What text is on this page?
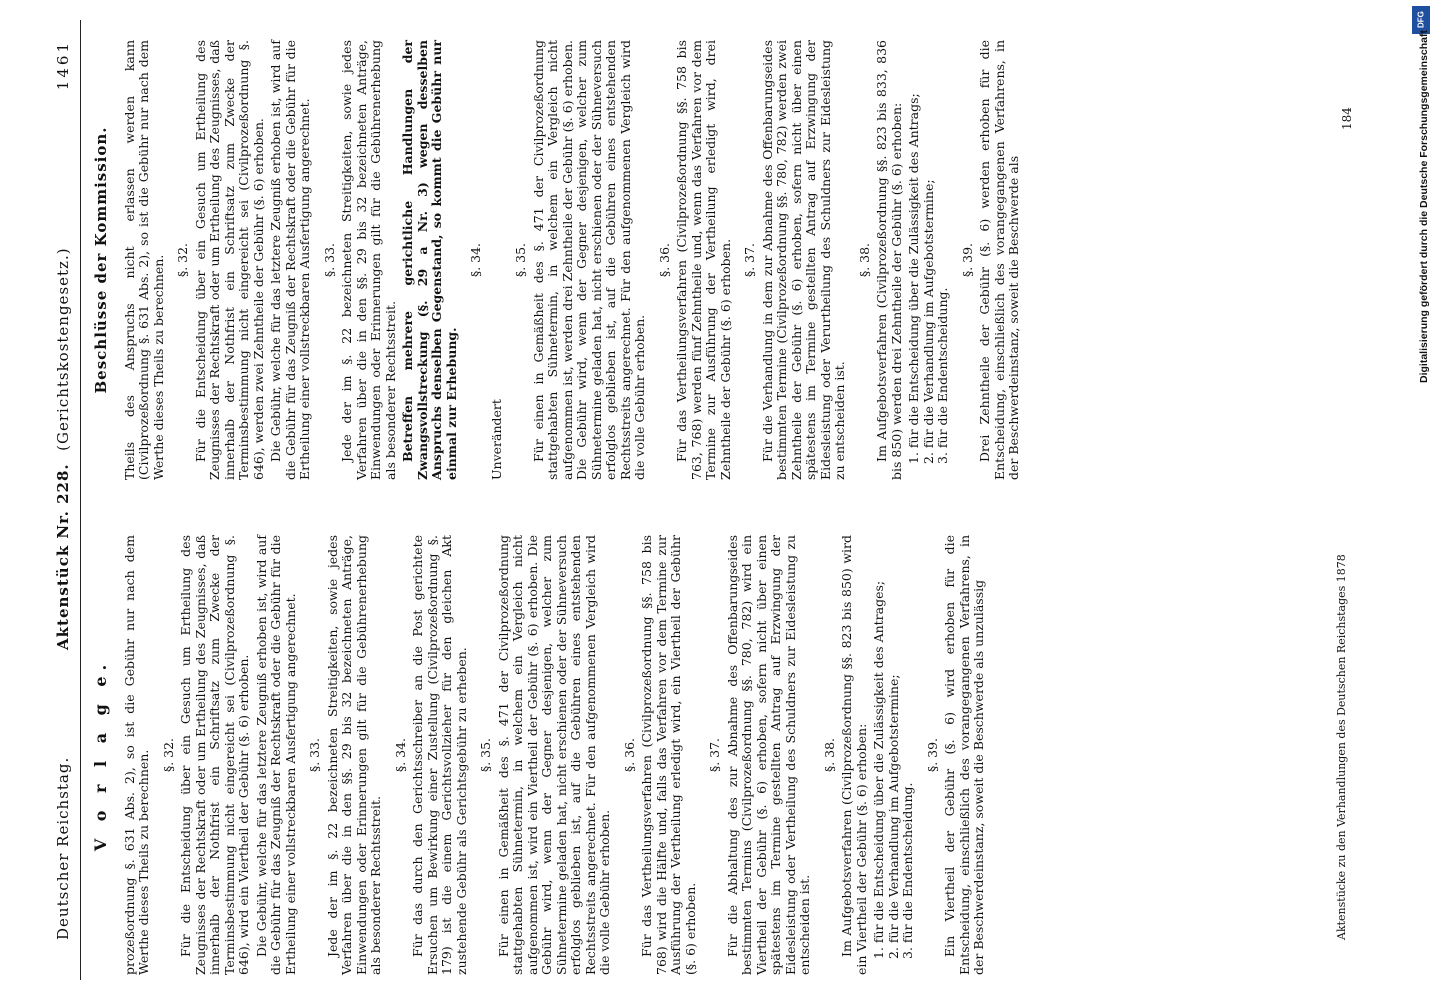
Deutscher Reichstag.
Aktenstück Nr. 228.  (Gerichtskostengesetz.)
1461
V o r l a g e. prozeßordnung §. 631 Abs. 2), so ist die Gebühr nur nach dem Werthe dieses Theils zu berechnen. §. 32. Für die Entscheidung über ein Gesuch um Ertheilung des Zeugnisses der Rechtskraft oder um Ertheilung des Zeugnisses, daß innerhalb der Nothfrist ein Schriftsatz zum Zwecke der Terminsbestimmung nicht eingereicht sei (Civilprozeßordnung §. 646), wird ein Viertheil der Gebühr (§. 6) erhoben. Die Gebühr, welche für das letztere Zeugniß erhoben ist, wird auf die Gebühr für das Zeugniß der Rechtskraft oder die Gebühr für die Ertheilung einer vollstreckbaren Ausfertigung angerechnet. §. 33. Jede der im §. 22 bezeichneten Streitigkeiten, sowie jedes Verfahren über die in den §§. 29 bis 32 bezeichneten Anträge, Einwendungen oder Erinnerungen gilt für die Gebührenerhebung als besonderer Rechtsstreit.
§. 34. Für das durch den Gerichtsschreiber an die Post gerichtete Ersuchen um Bewirkung einer Zustellung (Civilprozeßordnung §. 179) ist die einem Gerichtsvollzieher für den gleichen Akt zustehende Gebühr als Gerichtsgebühr zu erheben. §. 35. Für einen in Gemäßheit des §. 471 der Civilprozeßordnung stattgehabten Sühnetermin, in welchem ein Vergleich nicht aufgenommen ist, wird ein Viertheil der Gebühr (§. 6) erhoben. Die Gebühr wird, wenn der Gegner desjenigen, welcher zum Sühnetermine geladen hat, nicht erschienen oder der Sühneversuch erfolglos geblieben ist, auf die Gebühren eines entstehenden Rechtsstreits angerechnet. Für den aufgenommenen Vergleich wird die volle Gebühr erhoben.
§. 36. Für das Vertheilungsverfahren (Civilprozeßordnung §§. 758 bis 768) wird die Hälfte und, falls das Verfahren vor dem Termine zur Ausführung der Vertheilung erledigt wird, ein Viertheil der Gebühr (§. 6) erhoben.
§. 37. Für die Abhaltung des zur Abnahme des Offenbarungseides bestimmten Termins (Civilprozeßordnung §§. 780, 782) wird ein Viertheil der Gebühr (§. 6) erhoben, sofern nicht über einen spätestens im Termine gestellten Antrag auf Erzwingung der Eidesleistung oder Vertheilung des Schuldners zur Eidesleistung zu entscheiden ist.
§. 38. Im Aufgebotsverfahren (Civilprozeßordnung §§. 823 bis 850) wird ein Viertheil der Gebühr (§. 6) erhoben: 1. für die Entscheidung über die Zulässigkeit des Antrages; 2. für die Verhandlung im Aufgebotstermine; 3. für die Endentscheidung.
§. 39. Ein Viertheil der Gebühr (§. 6) wird erhoben für die Entscheidung, einschließlich des vorangegangenen Verfahrens, in der Beschwerdeinstanz, soweit die Beschwerde als unzulässig
Beschlüsse der Kommission. Theils des Anspruchs nicht erlassen werden kann (Civilprozeßordnung §. 631 Abs. 2), so ist die Gebühr nur nach dem Werthe dieses Theils zu berechnen. §. 32. Für die Entscheidung über ein Gesuch um Ertheilung des Zeugnisses der Rechtskraft oder um Ertheilung des Zeugnisses, daß innerhalb der Nothfrist ein Schriftsatz zum Zwecke der Terminsbestimmung nicht eingereicht sei (Civilprozeßordnung §. 646), werden zwei Zehntheile der Gebühr (§. 6) erhoben. Die Gebühr, welche für das letztere Zeugniß erhoben ist, wird auf die Gebühr für das Zeugniß der Rechtskraft oder die Gebühr für die Ertheilung einer vollstreckbaren Ausfertigung angerechnet. §. 33. Jede der im §. 22 bezeichneten Streitigkeiten, sowie jedes Verfahren über die in den §§. 29 bis 32 bezeichneten Anträge, Einwendungen oder Erinnerungen gilt für die Gebührenerhebung als besonderer Rechtsstreit. Betreffen mehrere gerichtliche Handlungen der Zwangsvollstreckung (§. 29 a Nr. 3) wegen desselben Anspruchs denselben Gegenstand, so kommt die Gebühr nur einmal zur Erhebung.
§. 34.
Unverändert
§. 35. Für einen in Gemäßheit des §. 471 der Civilprozeßordnung stattgehabten Sühnetermin, in welchem ein Vergleich nicht aufgenommen ist, werden drei Zehntheile der Gebühr (§. 6) erhoben. Die Gebühr wird, wenn der Gegner desjenigen, welcher zum Sühnetermine geladen hat, nicht erschienen oder der Sühneversuch erfolglos geblieben ist, auf die Gebühren eines entstehenden Rechtsstreits angerechnet. Für den aufgenommenen Vergleich wird die volle Gebühr erhoben.
§. 36. Für das Vertheilungsverfahren (Civilprozeßordnung §§. 758 bis 763, 768) werden fünf Zehntheile und, wenn das Verfahren vor dem Termine zur Ausführung der Vertheilung erledigt wird, drei Zehntheile der Gebühr (§. 6) erhoben. §. 37. Für die Verhandlung in dem zur Abnahme des Offenbarungseides bestimmten Termine (Civilprozeßordnung §§. 780, 782) werden zwei Zehntheile der Gebühr (§. 6) erhoben, sofern nicht über einen spätestens im Termine gestellten Antrag auf Erzwingung der Eidesleistung oder Verurtheilung des Schuldners zur Eidesleistung zu entscheiden ist.
§. 38. Im Aufgebotsverfahren (Civilprozeßordnung §§. 823 bis 833, 836 bis 850) werden drei Zehntheile der Gebühr (§. 6) erhoben: 1. für die Entscheidung über die Zulässigkeit des Antrags; 2. für die Verhandlung im Aufgebotstermine; 3. für die Endentscheidung.
§. 39. Drei Zehntheile der Gebühr (§. 6) werden erhoben für die Entscheidung, einschließlich des vorangegangenen Verfahrens, in der Beschwerdeinstanz, soweit die Beschwerde als
Aktenstücke zu den Verhandlungen des Deutschen Reichstages 1878
184
DFG
Digitalisierung gefördert durch die Deutsche Forschungsgemeinschaft
